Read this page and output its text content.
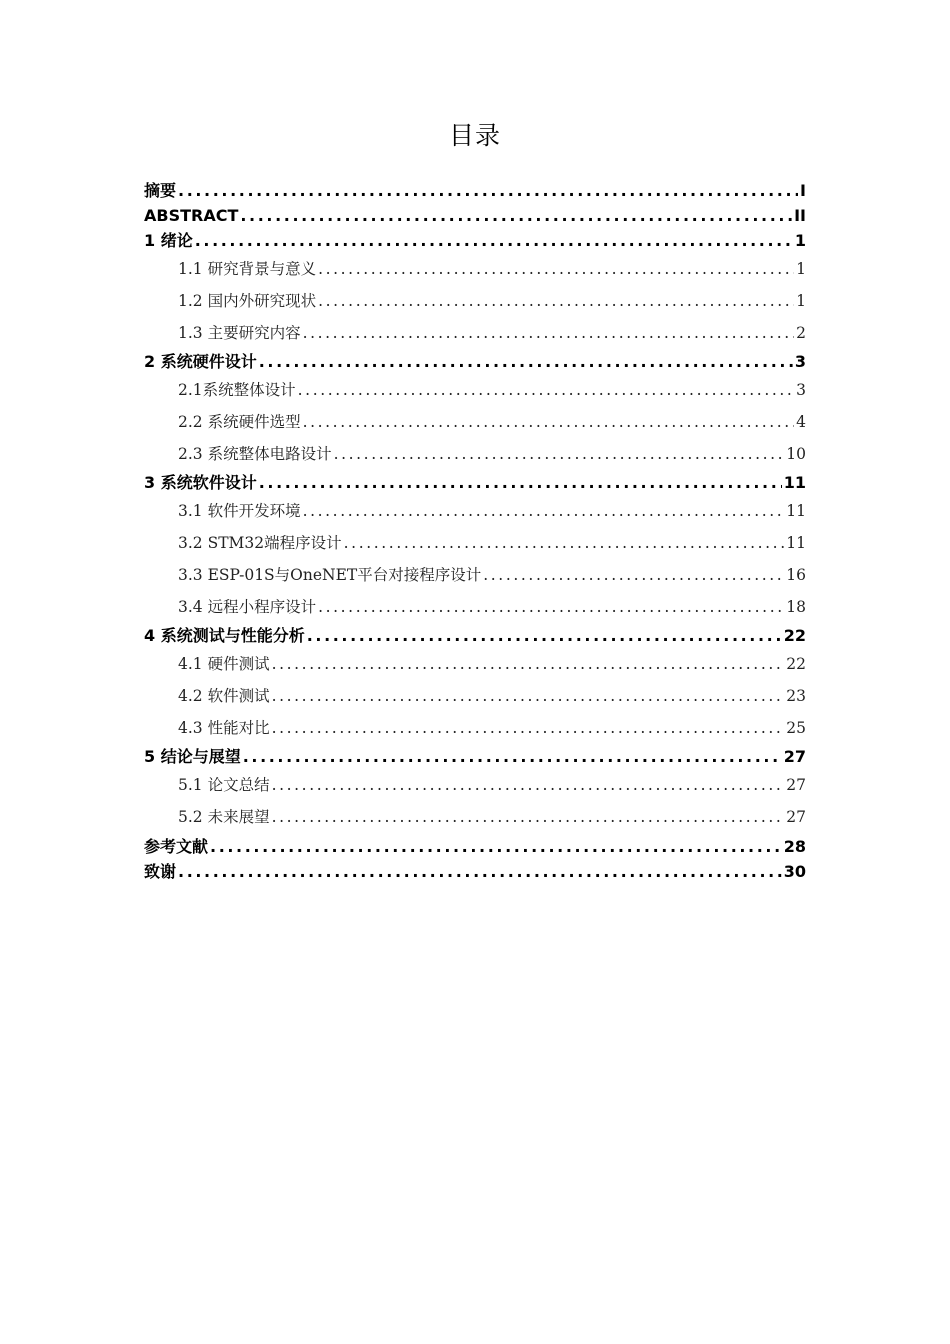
目录
摘要 .....	I
ABSTRACT .....	II
1 绪论 .....	1
1.1 研究背景与意义 .....	1
1.2 国内外研究现状 .....	1
1.3 主要研究内容 .....	2
2 系统硬件设计 .....	3
2.1系统整体设计 .....	3
2.2 系统硬件选型 .....	4
2.3 系统整体电路设计 .....	10
3 系统软件设计 .....	11
3.1 软件开发环境 .....	11
3.2 STM32端程序设计 .....	11
3.3 ESP-01S与OneNET平台对接程序设计 .....	16
3.4 远程小程序设计 .....	18
4 系统测试与性能分析 .....	22
4.1 硬件测试 .....	22
4.2 软件测试 .....	23
4.3 性能对比 .....	25
5 结论与展望 .....	27
5.1 论文总结 .....	27
5.2 未来展望 .....	27
参考文献 .....	28
致谢 .....	30
